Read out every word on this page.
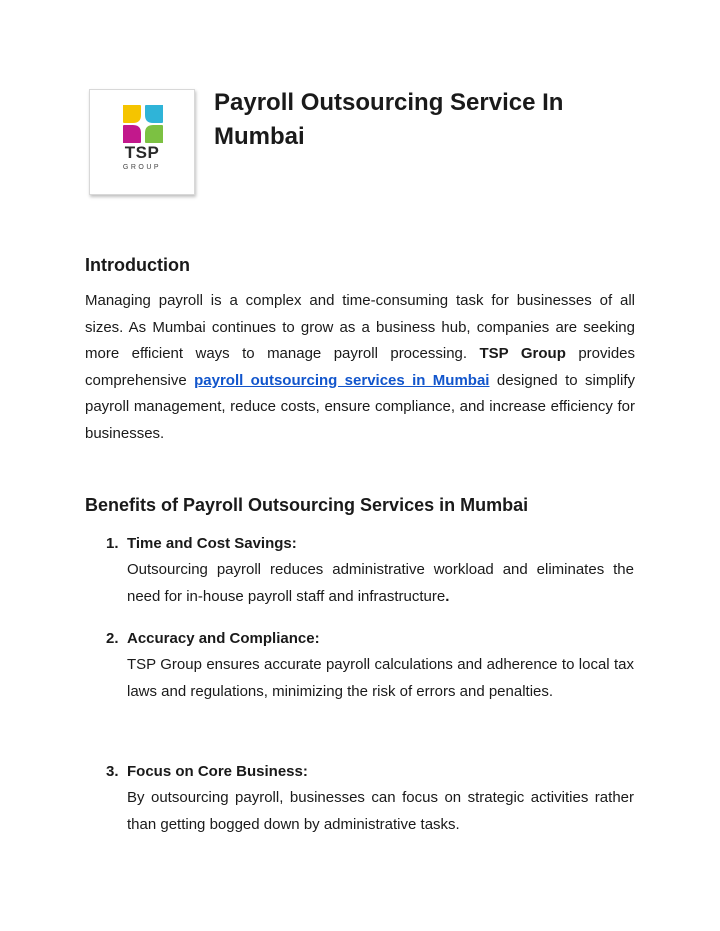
TSP
GROUP
Payroll Outsourcing Service In Mumbai
Introduction

Managing payroll is a complex and time-consuming task for businesses of all sizes. As Mumbai continues to grow as a business hub, companies are seeking more efficient ways to manage payroll processing. TSP Group provides comprehensive payroll outsourcing services in Mumbai designed to simplify payroll management, reduce costs, ensure compliance, and increase efficiency for businesses.

Benefits of Payroll Outsourcing Services in Mumbai
1. Time and Cost Savings:

Outsourcing payroll reduces administrative workload and eliminates the need for in-house payroll staff and infrastructure.

2. Accuracy and Compliance:

TSP Group ensures accurate payroll calculations and adherence to local tax laws and regulations, minimizing the risk of errors and penalties.

3. Focus on Core Business:

By outsourcing payroll, businesses can focus on strategic activities rather than getting bogged down by administrative tasks.
